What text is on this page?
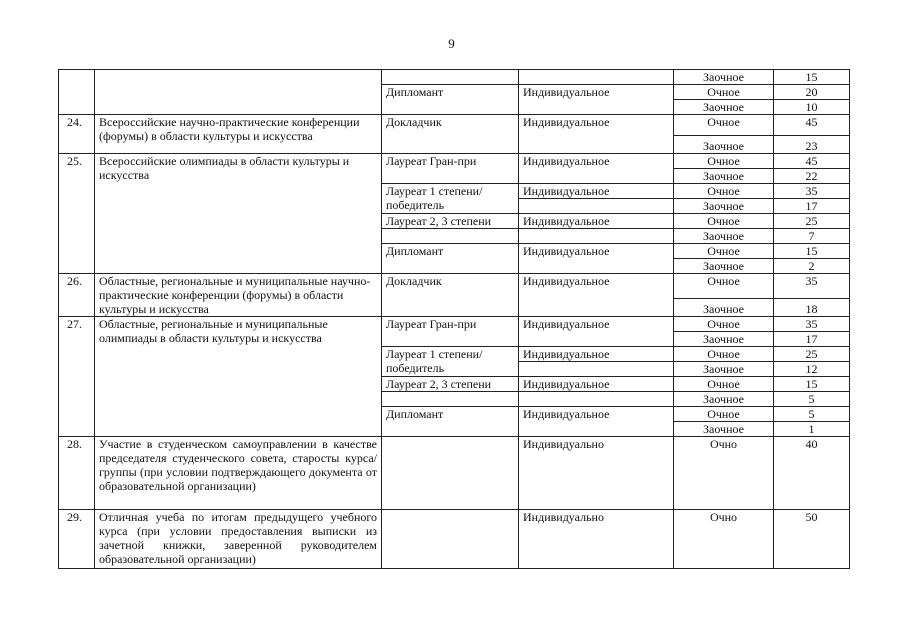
9
				Заочное	15
		Дипломант	Индивидуальное	Очное	20
				Заочное	10
24.	Всероссийские научно-практические конференции (форумы) в области культуры и искусства	Докладчик	Индивидуальное	Очное	45
				Заочное	23
25.	Всероссийские олимпиады в области культуры и искусства	Лауреат Гран-при	Индивидуальное	Очное	45
				Заочное	22
		Лауреат 1 степени/ победитель	Индивидуальное	Очное	35
				Заочное	17
		Лауреат 2, 3 степени	Индивидуальное	Очное	25
				Заочное	7
		Дипломант	Индивидуальное	Очное	15
				Заочное	2
26.	Областные, региональные и муниципальные научно-практические конференции (форумы) в области культуры и искусства	Докладчик	Индивидуальное	Очное	35
				Заочное	18
27.	Областные, региональные и муниципальные олимпиады в области культуры и искусства	Лауреат Гран-при	Индивидуальное	Очное	35
				Заочное	17
		Лауреат 1 степени/ победитель	Индивидуальное	Очное	25
				Заочное	12
		Лауреат 2, 3 степени	Индивидуальное	Очное	15
				Заочное	5
		Дипломант	Индивидуальное	Очное	5
				Заочное	1
28.	Участие в студенческом самоуправлении в качестве председателя студенческого совета, старосты курса/группы (при условии подтверждающего документа от образовательной организации)		Индивидуально	Очно	40
29.	Отличная учеба по итогам предыдущего учебного курса (при условии предоставления выписки из зачетной книжки, заверенной руководителем образовательной организации)		Индивидуально	Очно	50
